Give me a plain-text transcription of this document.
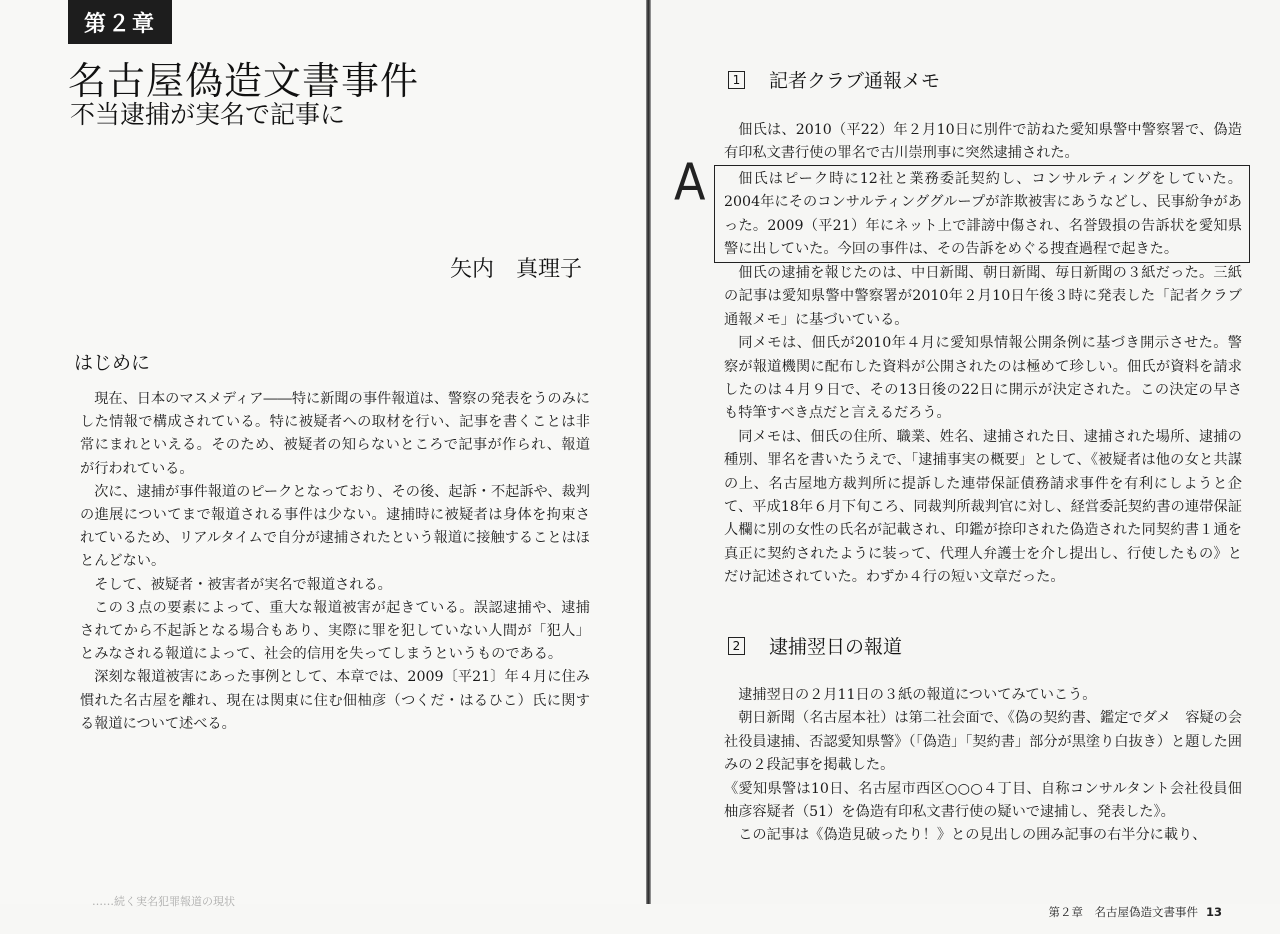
第２章
名古屋偽造文書事件
不当逮捕が実名で記事に
矢内　真理子
はじめに

現在、日本のマスメディア――特に新聞の事件報道は、警察の発表をうのみにした情報で構成されている。特に被疑者への取材を行い、記事を書くことは非常にまれといえる。そのため、被疑者の知らないところで記事が作られ、報道が行われている。

次に、逮捕が事件報道のピークとなっており、その後、起訴・不起訴や、裁判の進展についてまで報道される事件は少ない。逮捕時に被疑者は身体を拘束されているため、リアルタイムで自分が逮捕されたという報道に接触することはほとんどない。

そして、被疑者・被害者が実名で報道される。

この３点の要素によって、重大な報道被害が起きている。誤認逮捕や、逮捕されてから不起訴となる場合もあり、実際に罪を犯していない人間が「犯人」とみなされる報道によって、社会的信用を失ってしまうというものである。

深刻な報道被害にあった事例として、本章では、2009〔平21〕年４月に住み慣れた名古屋を離れ、現在は関東に住む佃柚彦（つくだ・はるひこ）氏に関する報道について述べる。

……続く実名犯罪報道の現状
1 記者クラブ通報メモ

佃氏は、2010（平22）年２月10日に別件で訪ねた愛知県警中警察署で、偽造有印私文書行使の罪名で古川崇刑事に突然逮捕された。

A	佃氏はピーク時に12社と業務委託契約し、コンサルティングをしていた。2004年にそのコンサルティンググループが詐欺被害にあうなどし、民事紛争があった。2009（平21）年にネット上で誹謗中傷され、名誉毀損の告訴状を愛知県警に出していた。今回の事件は、その告訴をめぐる捜査過程で起きた。

佃氏の逮捕を報じたのは、中日新聞、朝日新聞、毎日新聞の３紙だった。三紙の記事は愛知県警中警察署が2010年２月10日午後３時に発表した「記者クラブ通報メモ」に基づいている。

同メモは、佃氏が2010年４月に愛知県情報公開条例に基づき開示させた。警察が報道機関に配布した資料が公開されたのは極めて珍しい。佃氏が資料を請求したのは４月９日で、その13日後の22日に開示が決定された。この決定の早さも特筆すべき点だと言えるだろう。

同メモは、佃氏の住所、職業、姓名、逮捕された日、逮捕された場所、逮捕の種別、罪名を書いたうえで、「逮捕事実の概要」として、《被疑者は他の女と共謀の上、名古屋地方裁判所に提訴した連帯保証債務請求事件を有利にしようと企て、平成18年６月下旬ころ、同裁判所裁判官に対し、経営委託契約書の連帯保証人欄に別の女性の氏名が記載され、印鑑が捺印された偽造された同契約書１通を真正に契約されたように装って、代理人弁護士を介し提出し、行使したもの》とだけ記述されていた。わずか４行の短い文章だった。

2 逮捕翌日の報道

逮捕翌日の２月11日の３紙の報道についてみていこう。

朝日新聞（名古屋本社）は第二社会面で、《偽の契約書、鑑定でダメ　容疑の会社役員逮捕、否認愛知県警》（「偽造」「契約書」部分が黒塗り白抜き）と題した囲みの２段記事を掲載した。

《愛知県警は10日、名古屋市西区○○○４丁目、自称コンサルタント会社役員佃柚彦容疑者（51）を偽造有印私文書行使の疑いで逮捕し、発表した》。

この記事は《偽造見破ったり！》との見出しの囲み記事の右半分に載り、

第２章　名古屋偽造文書事件 13
